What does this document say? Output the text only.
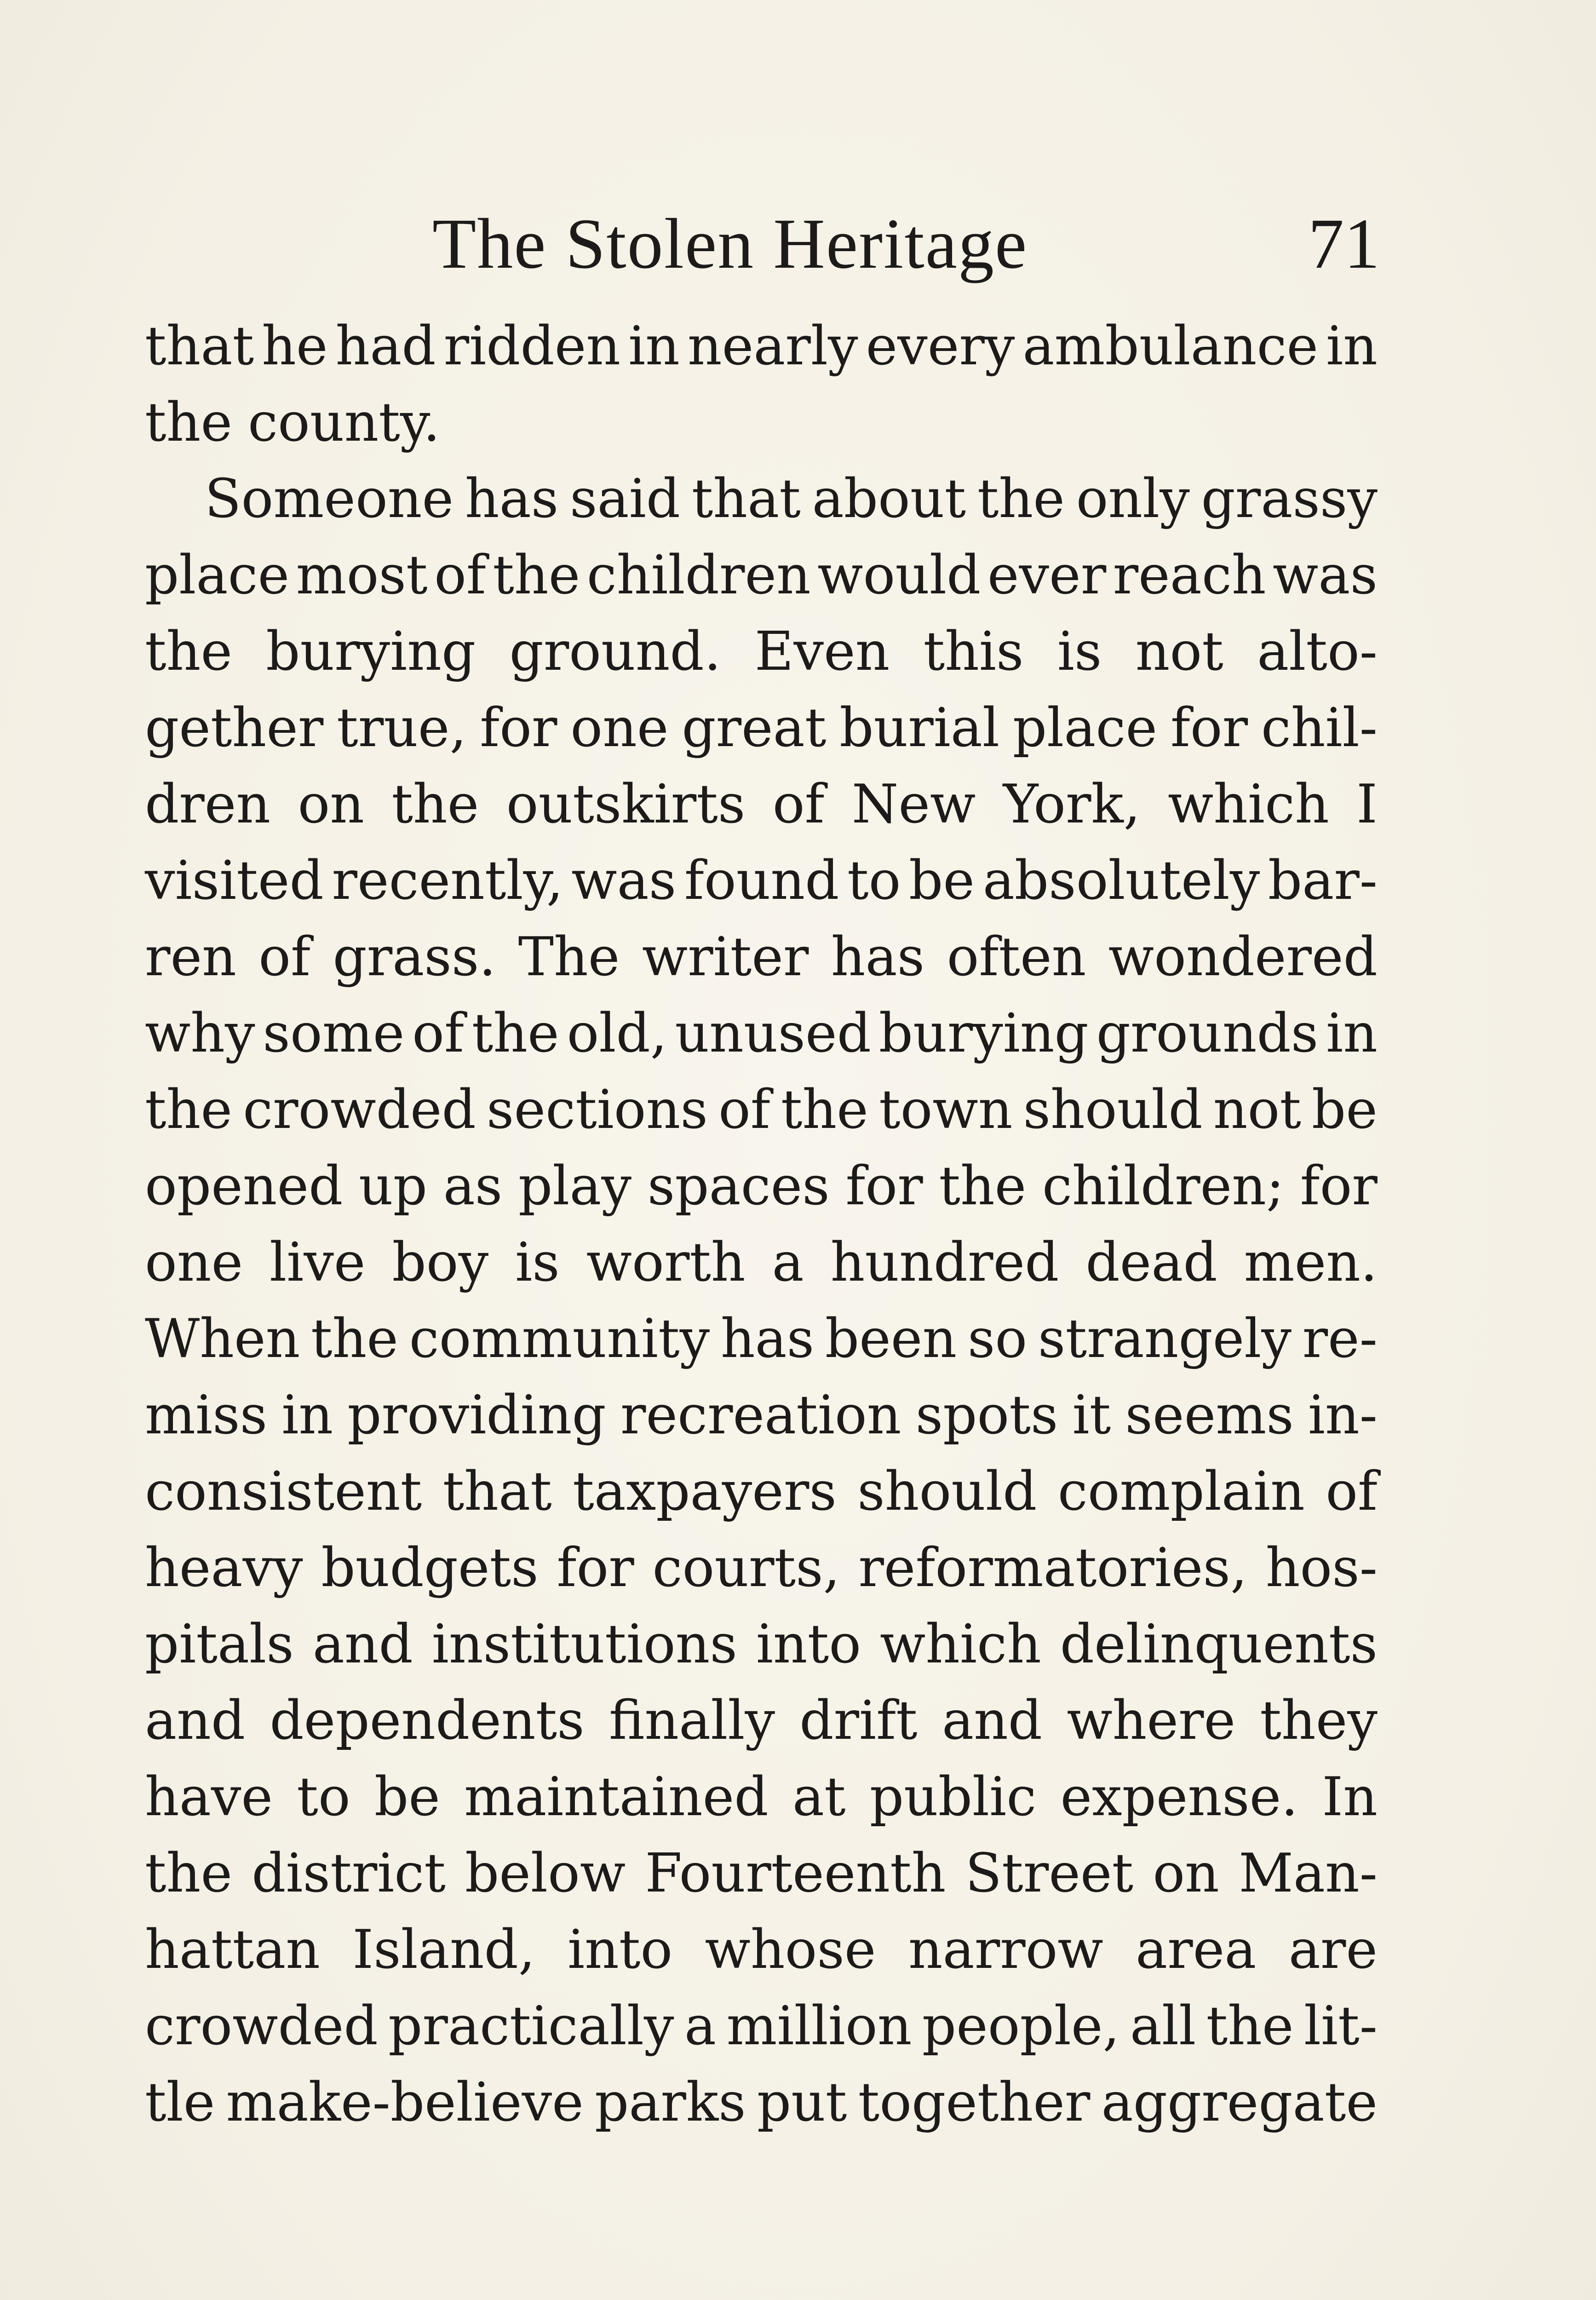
The Stolen Heritage	71
that he had ridden in nearly every ambulance in
the county.
Someone has said that about the only grassy
place most of the children would ever reach was
the burying ground. Even this is not alto-
gether true, for one great burial place for chil-
dren on the outskirts of New York, which I
visited recently, was found to be absolutely bar-
ren of grass. The writer has often wondered
why some of the old, unused burying grounds in
the crowded sections of the town should not be
opened up as play spaces for the children; for
one live boy is worth a hundred dead men.
When the community has been so strangely re-
miss in providing recreation spots it seems in-
consistent that taxpayers should complain of
heavy budgets for courts, reformatories, hos-
pitals and institutions into which delinquents
and dependents finally drift and where they
have to be maintained at public expense. In
the district below Fourteenth Street on Man-
hattan Island, into whose narrow area are
crowded practically a million people, all the lit-
tle make-believe parks put together aggregate
